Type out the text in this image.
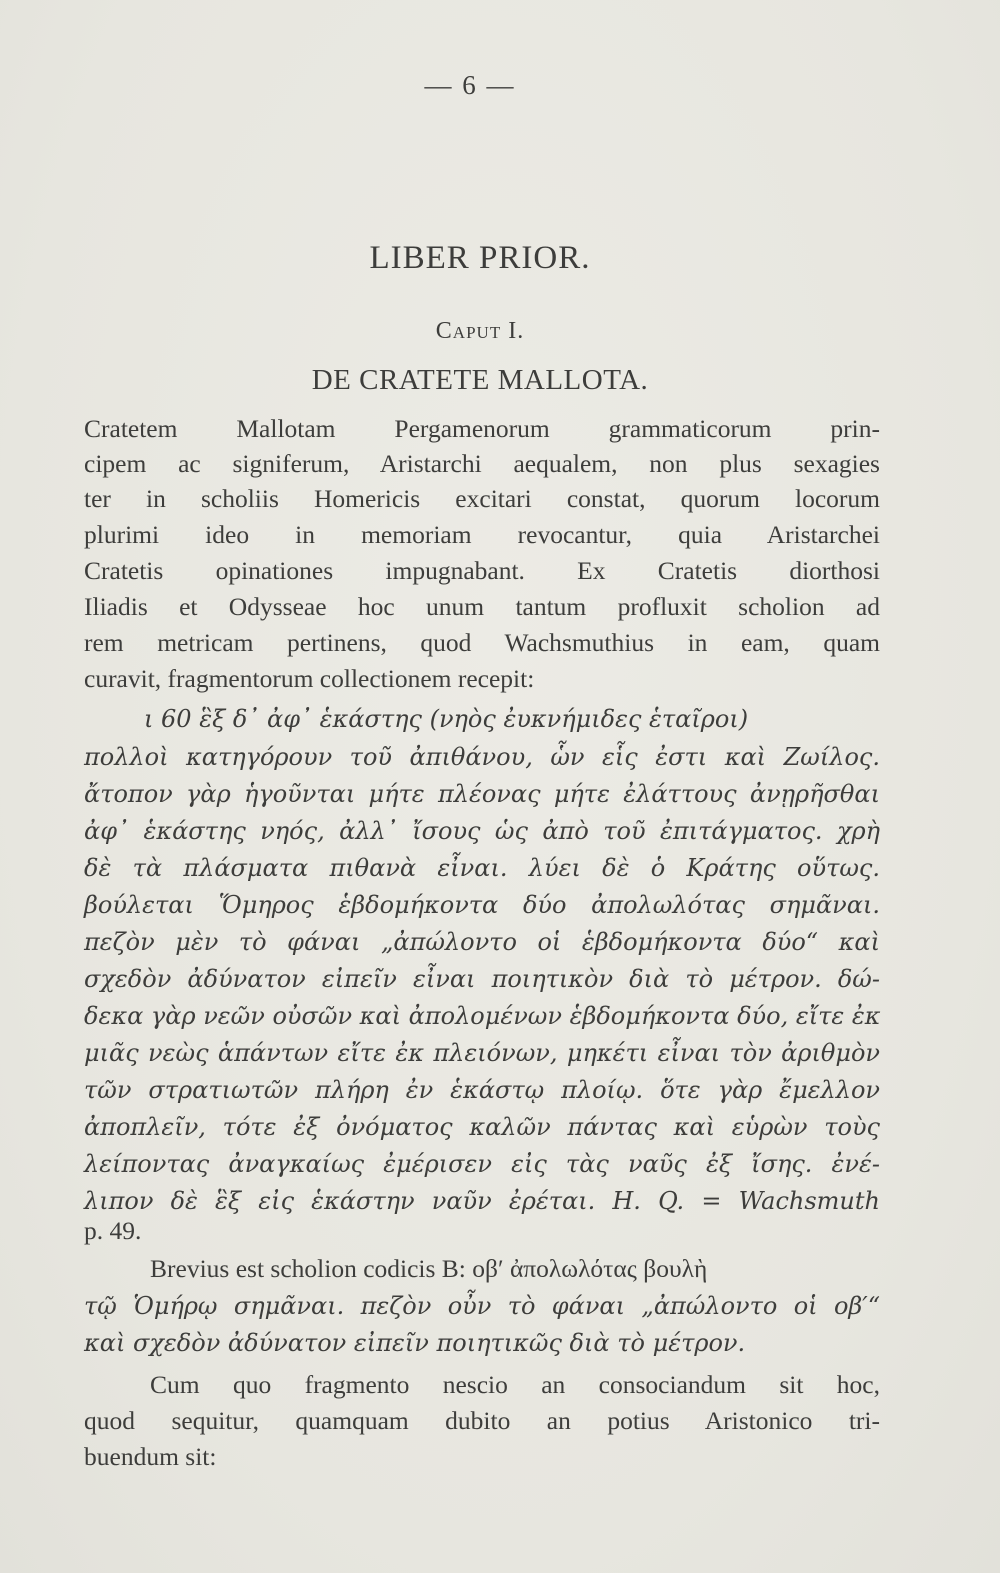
— 6 —
LIBER PRIOR.
Caput I.
DE CRATETE MALLOTA.
Cratetem Mallotam Pergamenorum grammaticorum prin-
cipem ac signiferum, Aristarchi aequalem, non plus sexagies
ter in scholiis Homericis excitari constat, quorum locorum
plurimi ideo in memoriam revocantur, quia Aristarchei
Cratetis opinationes impugnabant. Ex Cratetis diorthosi
Iliadis et Odysseae hoc unum tantum profluxit scholion ad
rem metricam pertinens, quod Wachsmuthius in eam, quam
curavit, fragmentorum collectionem recepit:
ι 60 ἓξ δ᾽ ἀφ᾽ ἑκάστης (νηὸς ἐυκνήμιδες ἑταῖροι)
πολλοὶ κατηγόρουν τοῦ ἀπιθάνου, ὧν εἷς ἐστι καὶ Ζωίλος.
ἄτοπον γὰρ ἡγοῦνται μήτε πλέονας μήτε ἐλάττους ἀνῃρῆσθαι
ἀφ᾽ ἑκάστης νηός, ἀλλ᾽ ἴσους ὡς ἀπὸ τοῦ ἐπιτάγματος. χρὴ
δὲ τὰ πλάσματα πιθανὰ εἶναι. λύει δὲ ὁ Κράτης οὕτως.
βούλεται Ὅμηρος ἑβδομήκοντα δύο ἀπολωλότας σημᾶναι.
πεζὸν μὲν τὸ φάναι „ἀπώλοντο οἱ ἑβδομήκοντα δύο“ καὶ
σχεδὸν ἀδύνατον εἰπεῖν εἶναι ποιητικὸν διὰ τὸ μέτρον. δώ-
δεκα γὰρ νεῶν οὐσῶν καὶ ἀπολομένων ἑβδομήκοντα δύο, εἴτε ἐκ
μιᾶς νεὼς ἁπάντων εἴτε ἐκ πλειόνων, μηκέτι εἶναι τὸν ἀριθμὸν
τῶν στρατιωτῶν πλήρη ἐν ἑκάστῳ πλοίῳ. ὅτε γὰρ ἔμελλον
ἀποπλεῖν, τότε ἐξ ὀνόματος καλῶν πάντας καὶ εὑρὼν τοὺς
λείποντας ἀναγκαίως ἐμέρισεν εἰς τὰς ναῦς ἐξ ἴσης. ἐνέ-
λιπον δὲ ἓξ εἰς ἑκάστην ναῦν ἐρέται. H. Q. = Wachsmuth
p. 49.
Brevius est scholion codicis B: οβ′ ἀπολωλότας βουλὴ
τῷ Ὁμήρῳ σημᾶναι. πεζὸν οὖν τὸ φάναι „ἀπώλοντο οἱ οβ′“
καὶ σχεδὸν ἀδύνατον εἰπεῖν ποιητικῶς διὰ τὸ μέτρον.
Cum quo fragmento nescio an consociandum sit hoc,
quod sequitur, quamquam dubito an potius Aristonico tri-
buendum sit:
